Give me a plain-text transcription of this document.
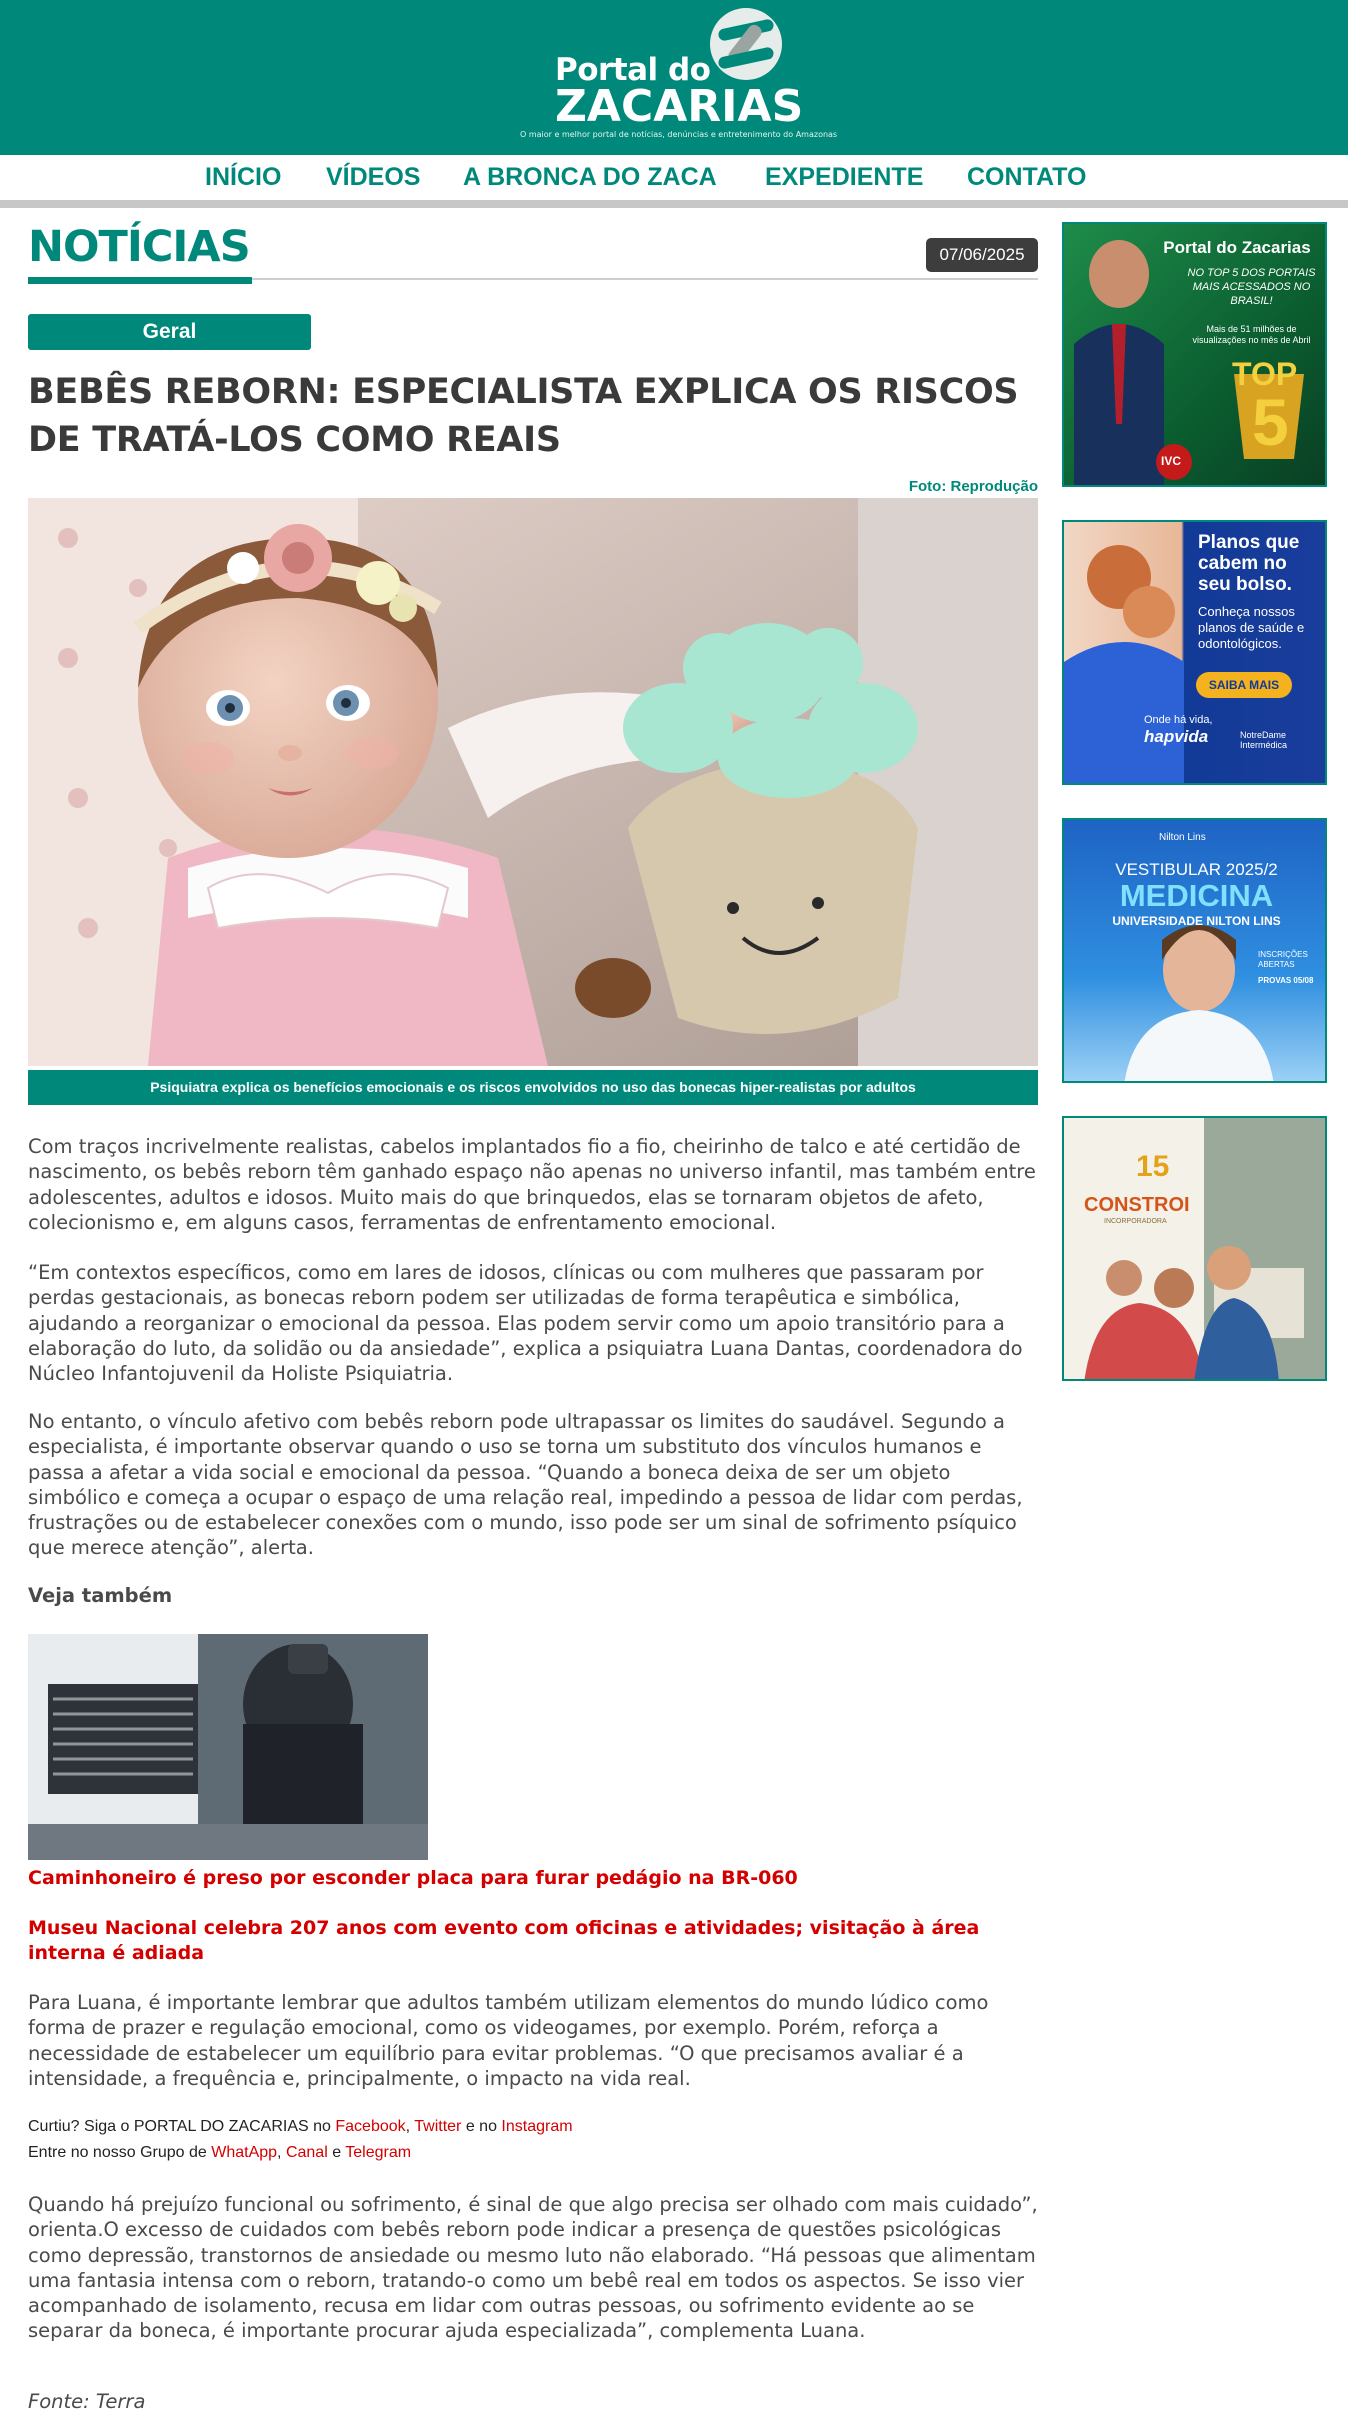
Portal do
ZACARIAS
O maior e melhor portal de notícias, denúncias e entretenimento do Amazonas
INÍCIO VÍDEOS A BRONCA DO ZACA EXPEDIENTE CONTATO
NOTÍCIAS	07/06/2025
Geral
BEBÊS REBORN: ESPECIALISTA EXPLICA OS RISCOS DE TRATÁ-LOS COMO REAIS
Foto: Reprodução
Psiquiatra explica os benefícios emocionais e os riscos envolvidos no uso das bonecas hiper-realistas por adultos

Com traços incrivelmente realistas, cabelos implantados fio a fio, cheirinho de talco e até certidão de nascimento, os bebês reborn têm ganhado espaço não apenas no universo infantil, mas também entre adolescentes, adultos e idosos. Muito mais do que brinquedos, elas se tornaram objetos de afeto, colecionismo e, em alguns casos, ferramentas de enfrentamento emocional.

“Em contextos específicos, como em lares de idosos, clínicas ou com mulheres que passaram por perdas gestacionais, as bonecas reborn podem ser utilizadas de forma terapêutica e simbólica, ajudando a reorganizar o emocional da pessoa. Elas podem servir como um apoio transitório para a elaboração do luto, da solidão ou da ansiedade”, explica a psiquiatra Luana Dantas, coordenadora do Núcleo Infantojuvenil da Holiste Psiquiatria.

No entanto, o vínculo afetivo com bebês reborn pode ultrapassar os limites do saudável. Segundo a especialista, é importante observar quando o uso se torna um substituto dos vínculos humanos e passa a afetar a vida social e emocional da pessoa. “Quando a boneca deixa de ser um objeto simbólico e começa a ocupar o espaço de uma relação real, impedindo a pessoa de lidar com perdas, frustrações ou de estabelecer conexões com o mundo, isso pode ser um sinal de sofrimento psíquico que merece atenção”, alerta.

Veja também
Caminhoneiro é preso por esconder placa para furar pedágio na BR-060
Museu Nacional celebra 207 anos com evento com oficinas e atividades; visitação à área interna é adiada

Para Luana, é importante lembrar que adultos também utilizam elementos do mundo lúdico como forma de prazer e regulação emocional, como os videogames, por exemplo. Porém, reforça a necessidade de estabelecer um equilíbrio para evitar problemas. “O que precisamos avaliar é a intensidade, a frequência e, principalmente, o impacto na vida real.

Curtiu? Siga o PORTAL DO ZACARIAS no Facebook, Twitter e no Instagram
Entre no nosso Grupo de WhatApp, Canal e Telegram

Quando há prejuízo funcional ou sofrimento, é sinal de que algo precisa ser olhado com mais cuidado”, orienta.O excesso de cuidados com bebês reborn pode indicar a presença de questões psicológicas como depressão, transtornos de ansiedade ou mesmo luto não elaborado. “Há pessoas que alimentam uma fantasia intensa com o reborn, tratando-o como um bebê real em todos os aspectos. Se isso vier acompanhado de isolamento, recusa em lidar com outras pessoas, ou sofrimento evidente ao se separar da boneca, é importante procurar ajuda especializada”, complementa Luana.

Fonte: Terra
Portal do Zacarias
NO TOP 5 DOS PORTAIS MAIS ACESSADOS NO BRASIL!
Mais de 51 milhões de visualizações no mês de Abril
TOP
5
IVC
Planos que cabem no seu bolso.
Conheça nossos planos de saúde e odontológicos.
SAIBA MAIS
Onde há vida,
hapvida	NotreDame Intermédica
Nilton Lins
VESTIBULAR 2025/2
MEDICINA
UNIVERSIDADE NILTON LINS
INSCRIÇÕES ABERTAS
PROVAS 05/08
15
CONSTROI
INCORPORADORA
